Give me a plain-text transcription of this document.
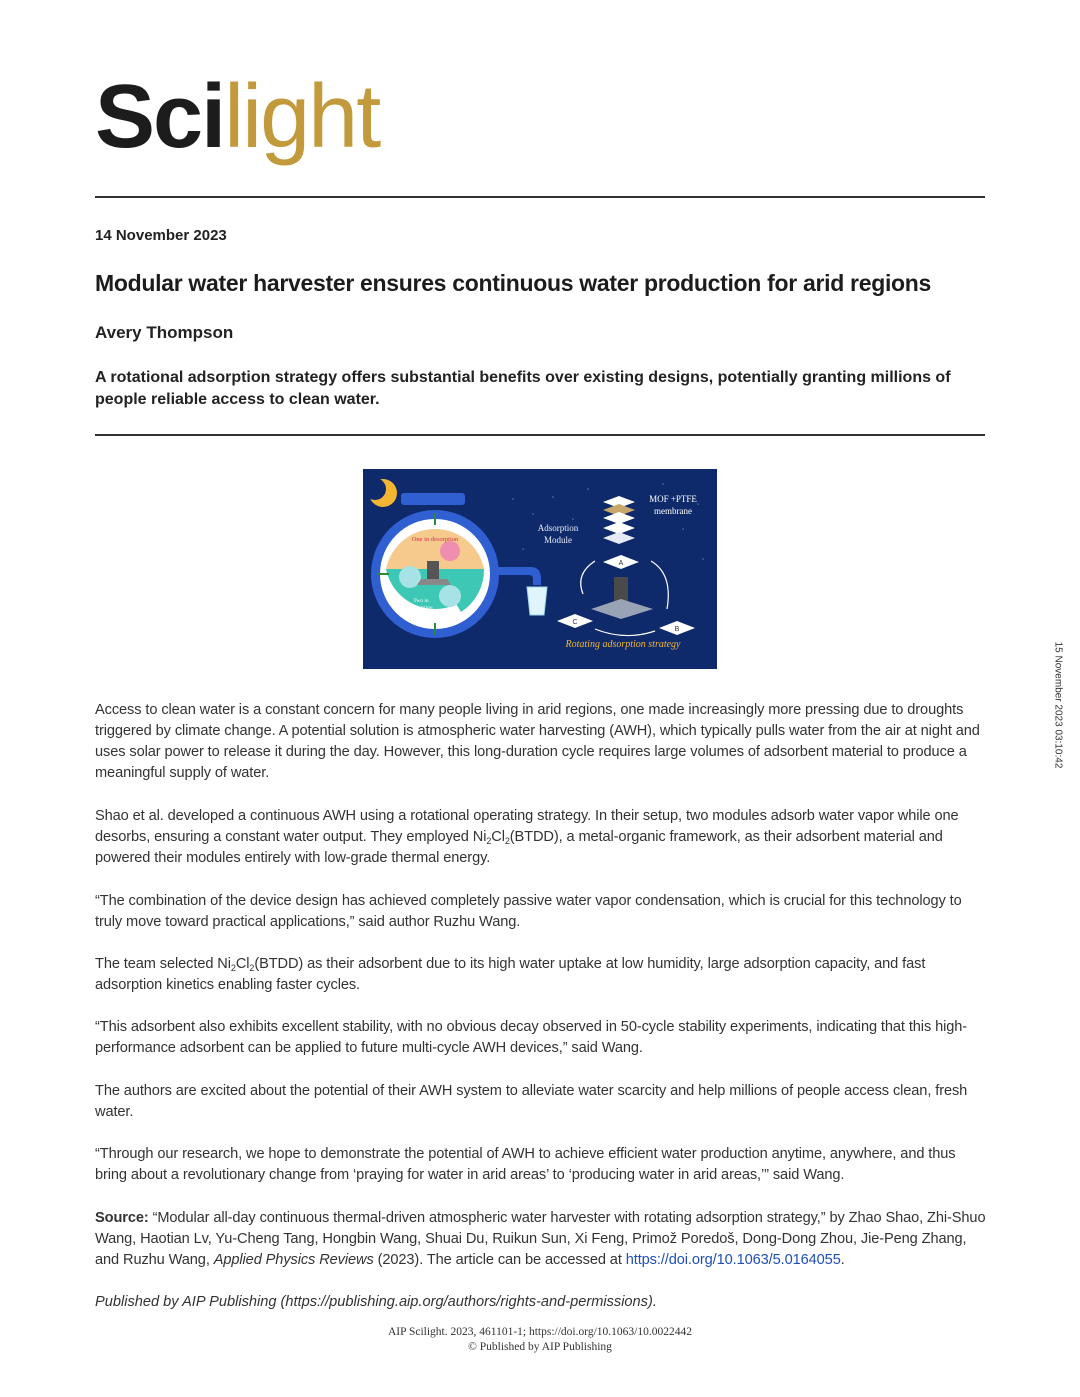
Scilight
14 November 2023
Modular water harvester ensures continuous water production for arid regions
Avery Thompson
A rotational adsorption strategy offers substantial benefits over existing designs, potentially granting millions of people reliable access to clean water.
One in desorption
Two in
adsorption
Adsorption
Module
MOF +PTFE
membrane
A
C
B
Rotating adsorption strategy	15 November 2023 03:10:42

Access to clean water is a constant concern for many people living in arid regions, one made increasingly more pressing due to droughts triggered by climate change. A potential solution is atmospheric water harvesting (AWH), which typically pulls water from the air at night and uses solar power to release it during the day. However, this long-duration cycle requires large volumes of adsorbent material to produce a meaningful supply of water.

Shao et al. developed a continuous AWH using a rotational operating strategy. In their setup, two modules adsorb water vapor while one desorbs, ensuring a constant water output. They employed $Ni_2Cl_2(BTDD)$, a metal-organic framework, as their adsorbent material and powered their modules entirely with low-grade thermal energy.

“The combination of the device design has achieved completely passive water vapor condensation, which is crucial for this technology to truly move toward practical applications,” said author Ruzhu Wang.

The team selected $Ni_2Cl_2(BTDD)$ as their adsorbent due to its high water uptake at low humidity, large adsorption capacity, and fast adsorption kinetics enabling faster cycles.

“This adsorbent also exhibits excellent stability, with no obvious decay observed in 50-cycle stability experiments, indicating that this high-performance adsorbent can be applied to future multi-cycle AWH devices,” said Wang.

The authors are excited about the potential of their AWH system to alleviate water scarcity and help millions of people access clean, fresh water.

“Through our research, we hope to demonstrate the potential of AWH to achieve efficient water production anytime, anywhere, and thus bring about a revolutionary change from ‘praying for water in arid areas’ to ‘producing water in arid areas,’” said Wang.

Source: “Modular all-day continuous thermal-driven atmospheric water harvester with rotating adsorption strategy,” by Zhao Shao, Zhi-Shuo Wang, Haotian Lv, Yu-Cheng Tang, Hongbin Wang, Shuai Du, Ruikun Sun, Xi Feng, Primož Poredoš, Dong-Dong Zhou, Jie-Peng Zhang, and Ruzhu Wang, Applied Physics Reviews (2023). The article can be accessed at https://doi.org/10.1063/5.0164055.

Published by AIP Publishing (https://publishing.aip.org/authors/rights-and-permissions).
AIP Scilight. 2023, 461101-1; https://doi.org/10.1063/10.0022442
© Published by AIP Publishing
